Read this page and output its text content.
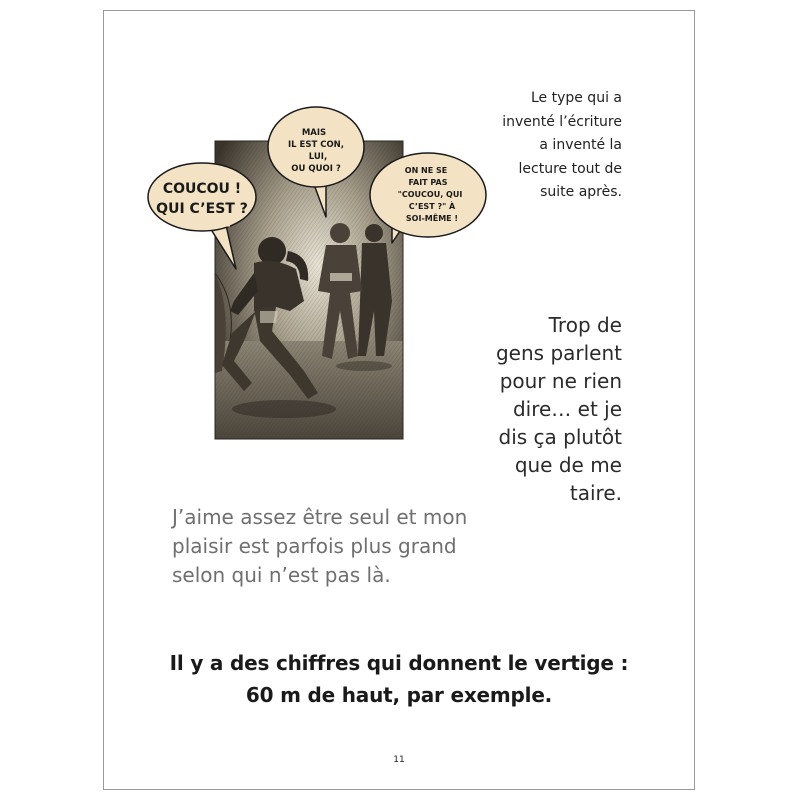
COUCOU !
QUI C’EST ?
MAIS
IL EST CON,
LUI,
OU QUOI ?	ON NE SE
FAIT PAS
"COUCOU, QUI
C’EST ?" À
SOI-MÊME !

Le type qui a
inventé l’écriture
a inventé la
lecture tout de
suite après.

Trop de
gens parlent
pour ne rien
dire… et je
dis ça plutôt
que de me
taire.

J’aime assez être seul et mon
plaisir est parfois plus grand
selon qui n’est pas là.

Il y a des chiffres qui donnent le vertige :
60 m de haut, par exemple.

11
